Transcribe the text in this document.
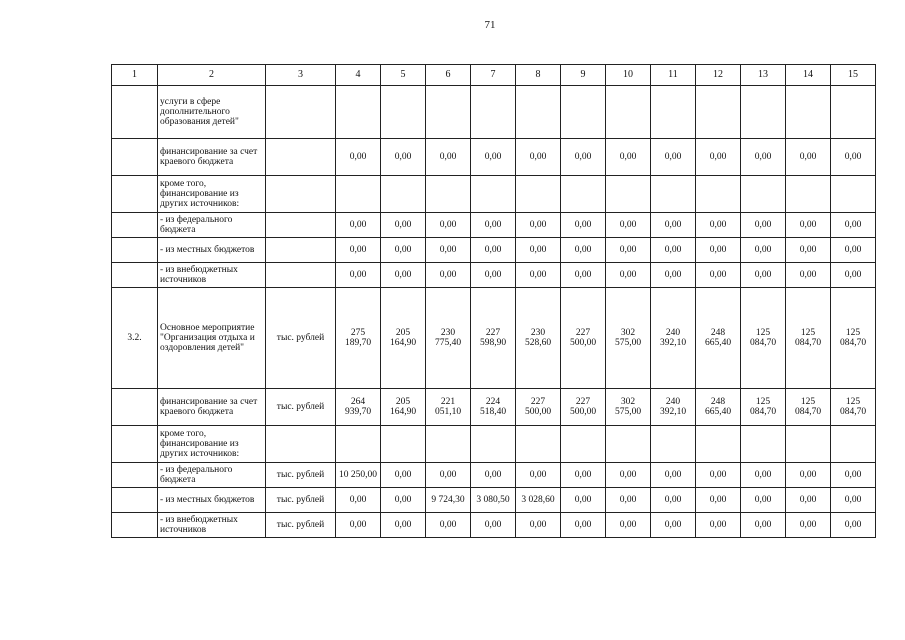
71
1	2	3	4	5	6	7	8	9	10	11	12	13	14	15
	услуги в сфере дополнительного образования детей"													
	финансирование за счет краевого бюджета		0,00	0,00	0,00	0,00	0,00	0,00	0,00	0,00	0,00	0,00	0,00	0,00
	кроме того, финансирование из других источников:													
	- из федерального бюджета		0,00	0,00	0,00	0,00	0,00	0,00	0,00	0,00	0,00	0,00	0,00	0,00
	- из местных бюджетов		0,00	0,00	0,00	0,00	0,00	0,00	0,00	0,00	0,00	0,00	0,00	0,00
	- из внебюджетных источников		0,00	0,00	0,00	0,00	0,00	0,00	0,00	0,00	0,00	0,00	0,00	0,00
3.2.	Основное мероприятие "Организация отдыха и оздоровления детей"	тыс. рублей	275 189,70	205 164,90	230 775,40	227 598,90	230 528,60	227 500,00	302 575,00	240 392,10	248 665,40	125 084,70	125 084,70	125 084,70
	финансирование за счет краевого бюджета	тыс. рублей	264 939,70	205 164,90	221 051,10	224 518,40	227 500,00	227 500,00	302 575,00	240 392,10	248 665,40	125 084,70	125 084,70	125 084,70
	кроме того, финансирование из других источников:													
	- из федерального бюджета	тыс. рублей	10 250,00	0,00	0,00	0,00	0,00	0,00	0,00	0,00	0,00	0,00	0,00	0,00
	- из местных бюджетов	тыс. рублей	0,00	0,00	9 724,30	3 080,50	3 028,60	0,00	0,00	0,00	0,00	0,00	0,00	0,00
	- из внебюджетных источников	тыс. рублей	0,00	0,00	0,00	0,00	0,00	0,00	0,00	0,00	0,00	0,00	0,00	0,00
